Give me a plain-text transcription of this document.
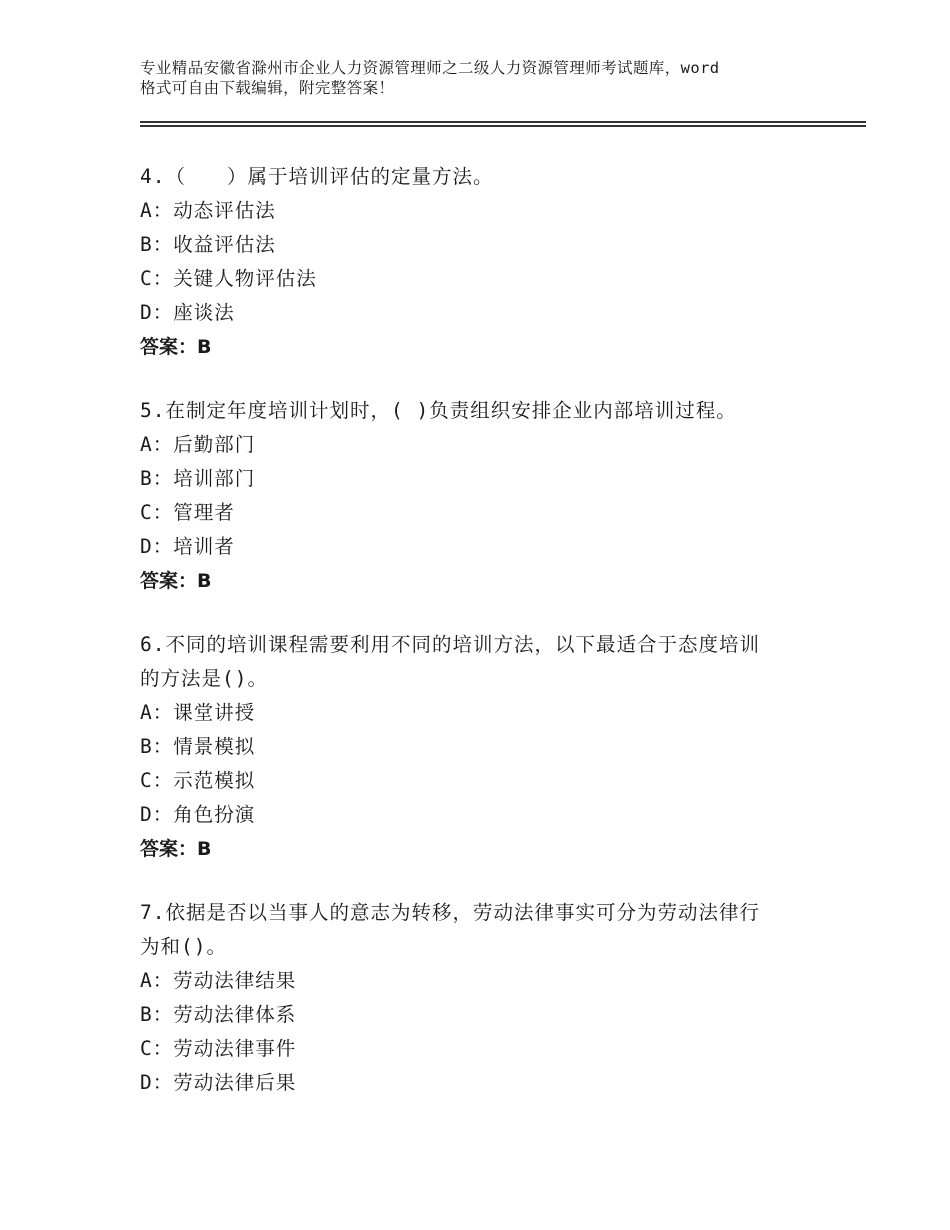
专业精品安徽省滁州市企业人力资源管理师之二级人力资源管理师考试题库，word
格式可自由下载编辑，附完整答案！
4.（　　）属于培训评估的定量方法。
A：动态评估法
B：收益评估法
C：关键人物评估法
D：座谈法
答案：B
5.在制定年度培训计划时，( )负责组织安排企业内部培训过程。
A：后勤部门
B：培训部门
C：管理者
D：培训者
答案：B
6.不同的培训课程需要利用不同的培训方法，以下最适合于态度培训
的方法是()。
A：课堂讲授
B：情景模拟
C：示范模拟
D：角色扮演
答案：B
7.依据是否以当事人的意志为转移，劳动法律事实可分为劳动法律行
为和()。
A：劳动法律结果
B：劳动法律体系
C：劳动法律事件
D：劳动法律后果
